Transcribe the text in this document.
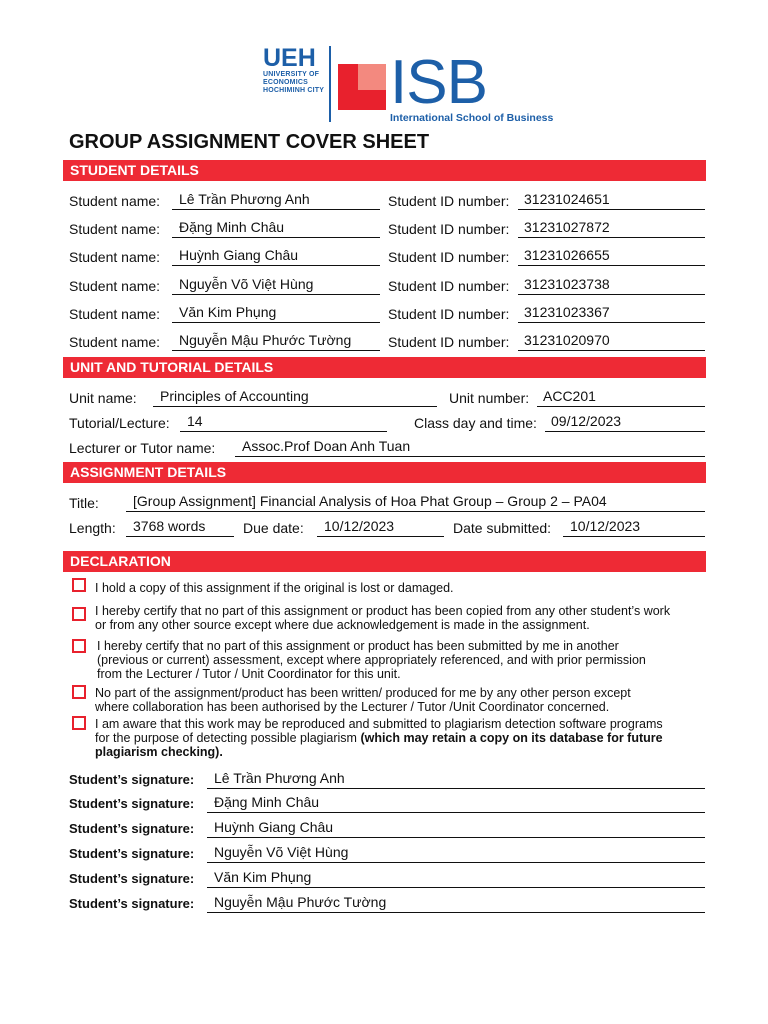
UEH
UNIVERSITY OF
ECONOMICS
HOCHIMINH CITY ISB
International School of Business
GROUP ASSIGNMENT COVER SHEET
STUDENT DETAILS
Student name:	Lê Trần Phương Anh	Student ID number:	31231024651
Student name:	Đặng Minh Châu	Student ID number:	31231027872
Student name:	Huỳnh Giang Châu	Student ID number:	31231026655
Student name:	Nguyễn Võ Việt Hùng	Student ID number:	31231023738
Student name:	Văn Kim Phụng	Student ID number:	31231023367
Student name:	Nguyễn Mậu Phước Tường	Student ID number:	31231020970
UNIT AND TUTORIAL DETAILS
Unit name:	Principles of Accounting	Unit number: ACC201
Tutorial/Lecture:	14	Class day and time:	09/12/2023
Lecturer or Tutor name:	Assoc.Prof Doan Anh Tuan
ASSIGNMENT DETAILS
Title:	[Group Assignment] Financial Analysis of Hoa Phat Group – Group 2 – PA04
Length:	3768 words	Due date:	10/12/2023	Date submitted:	10/12/2023
DECLARATION
I hold a copy of this assignment if the original is lost or damaged.
I hereby certify that no part of this assignment or product has been copied from any other student’s work
or from any other source except where due acknowledgement is made in the assignment.
I hereby certify that no part of this assignment or product has been submitted by me in another
(previous or current) assessment, except where appropriately referenced, and with prior permission
from the Lecturer / Tutor / Unit Coordinator for this unit.
No part of the assignment/product has been written/ produced for me by any other person except
where collaboration has been authorised by the Lecturer / Tutor /Unit Coordinator concerned.
I am aware that this work may be reproduced and submitted to plagiarism detection software programs
for the purpose of detecting possible plagiarism (which may retain a copy on its database for future
plagiarism checking).
Student’s signature:	Lê Trần Phương Anh
Student’s signature:	Đặng Minh Châu
Student’s signature:	Huỳnh Giang Châu
Student’s signature:	Nguyễn Võ Việt Hùng
Student’s signature:	Văn Kim Phụng
Student’s signature:	Nguyễn Mậu Phước Tường
